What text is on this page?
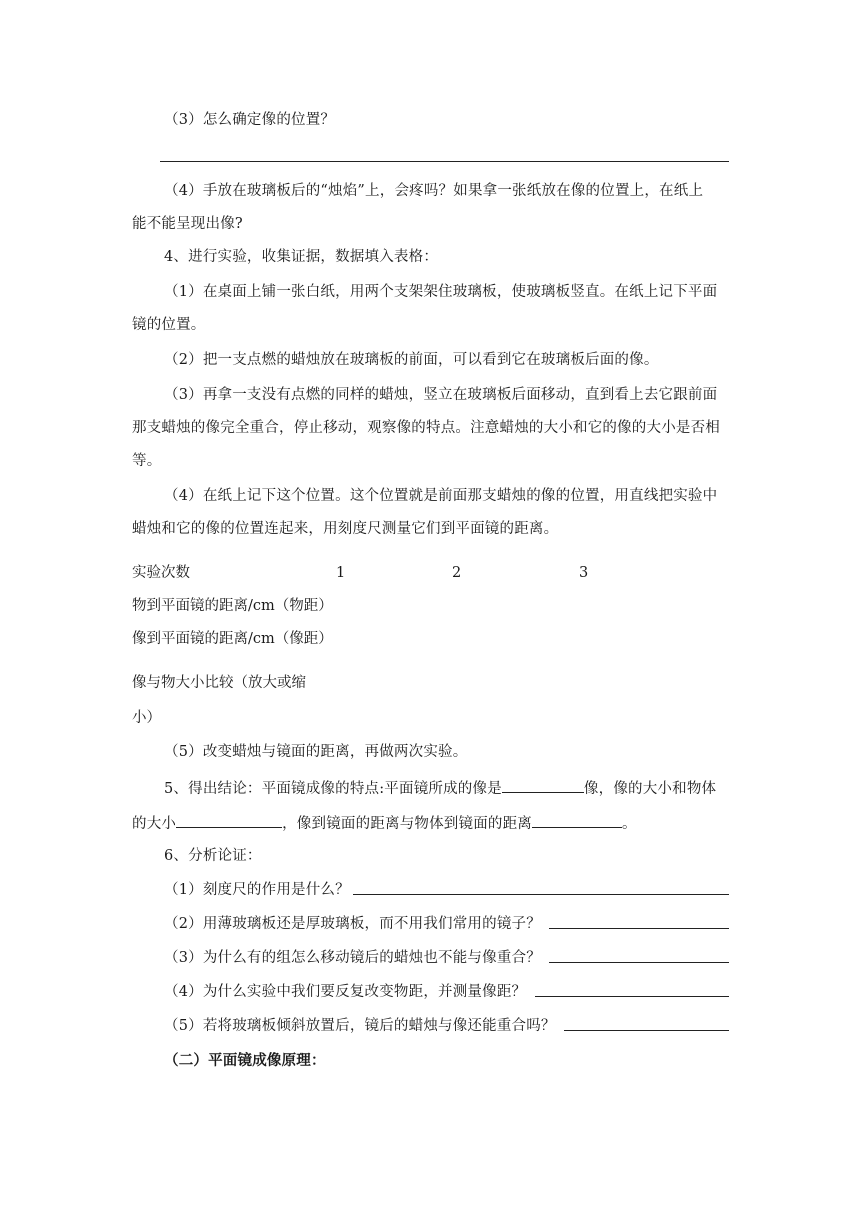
（3）怎么确定像的位置？
（4）手放在玻璃板后的“烛焰”上，会疼吗？如果拿一张纸放在像的位置上，在纸上
能不能呈现出像?
4、进行实验，收集证据，数据填入表格：
（1）在桌面上铺一张白纸，用两个支架架住玻璃板，使玻璃板竖直。在纸上记下平面
镜的位置。
（2）把一支点燃的蜡烛放在玻璃板的前面，可以看到它在玻璃板后面的像。
（3）再拿一支没有点燃的同样的蜡烛，竖立在玻璃板后面移动，直到看上去它跟前面
那支蜡烛的像完全重合，停止移动，观察像的特点。注意蜡烛的大小和它的像的大小是否相
等。
（4）在纸上记下这个位置。这个位置就是前面那支蜡烛的像的位置，用直线把实验中
蜡烛和它的像的位置连起来，用刻度尺测量它们到平面镜的距离。
实验次数	1	2	3
物到平面镜的距离/cm（物距）
像到平面镜的距离/cm（像距）
像与物大小比较（放大或缩
小）
（5）改变蜡烛与镜面的距离，再做两次实验。
5、得出结论：平面镜成像的特点:平面镜所成的像是	像，像的大小和物体
的大小	，像到镜面的距离与物体到镜面的距离	。
6、分析论证：
（1）刻度尺的作用是什么？
（2）用薄玻璃板还是厚玻璃板，而不用我们常用的镜子？
（3）为什么有的组怎么移动镜后的蜡烛也不能与像重合？
（4）为什么实验中我们要反复改变物距，并测量像距？
（5）若将玻璃板倾斜放置后，镜后的蜡烛与像还能重合吗？
（二）平面镜成像原理：
